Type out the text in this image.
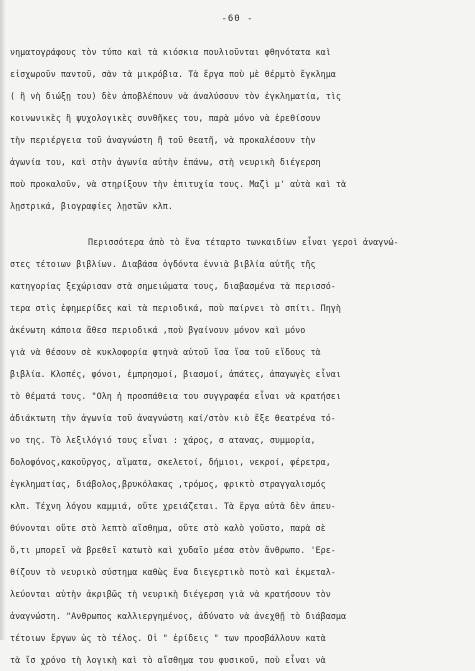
-60 -
νηματογράφους τὸν τύπο καὶ τὰ κιόσκια πουλιοῦνται φθηνότατα καὶ
εἰσχωροῦν παντοῦ, σὰν τὰ μικρόβια. Τὰ ἔργα ποὺ μὲ θέρμτὸ ἔγκλημα
( ἢ νὴ διώξῃ του) δὲν ἀποβλέπουν νὰ ἀναλύσουν τὸν ἐγκληματία, τὶς
κοινωνικὲς ἢ ψυχολογικὲς συνθῆκες του, παρὰ μόνο νὰ ἐρεθίσουν
τὴν περιέργεια τοῦ ἀναγνώστη ἢ τοῦ θεατῆ, νὰ προκαλέσουν τὴν
ἀγωνία του, καὶ στὴν ἀγωνία αὐτὴν ἐπάνω, στὴ νευρικὴ διέγερση
ποὺ προκαλοῦν, νὰ στηρίξουν τὴν ἐπιτυχία τους. Μαζὶ μ' αὐτὰ καὶ τὰ
λῃστρικά, βιογραφίες λῃστῶν κλπ.
Περισσότερα ἀπὸ τὸ ἕνα τέταρτο τωνκαιδίων εἶναι γεροὶ ἀναγνώ-
στες τέτοιων βιβλίων. Διαβάσα ὀγδόντα ἐννιὰ βιβλία αὐτῆς τῆς
κατηγορίας ξεχώρισαν στὰ σημειώματα τους, διαβασμένα τὰ περισσό-
τερα στὶς ἐφημερίδες καὶ τὰ περιοδικά, ποὺ παίρνει τὸ σπίτι. Πηγὴ
ἀκένωτη κάποια ἄθεσ περιοδικά ,ποὺ βγαίνουν μόνον καὶ μόνο
γιὰ νὰ θέσουν σὲ κυκλοφορία φτηνὰ αὐτοῦ ἴσα ἴσα τοῦ εἴδους τὰ
βιβλία. Κλοπές, φόνοι, ἐμπρησμοί, βιασμοί, ἀπάτες, ἀπαγωγὲς εἶναι
τὸ θέματά τους. "Ολη ἡ προσπάθεια του συγγραφέα εἶναι νὰ κρατήσει
ἀδιάκτωτη τὴν ἀγωνία τοῦ ἀναγνώστη καί/στὸν κιὸ ἔξε θεατρένα τό-
νο της. Τὸ λεξιλόγιό τους εἶναι : χάρος, σ ατανας, συμμορία,
δολοφόνος,κακοῦργος, αἵματα, σκελετοί, δήμιοι, νεκροί, φέρετρα,
ἐγκληματίας, διάβολος,βρυκόλακας ,τρόμος, φρικτὸ στραγγαλισμός
κλπ. Τέχνη λόγου καμμιά, οὔτε χρειάζεται. Τὰ ἔργα αὐτὰ δὲν ἀπευ-
θύνονται οὔτε στὸ λεπτὸ αἴσθημα, οὔτε στὸ καλὸ γοῦστο, παρὰ σὲ
ὅ,τι μπορεῖ νὰ βρεθεῖ κατωτὸ καὶ χυδαῖο μέσα στὸν ἄνθρωπο. 'Ερε-
θίζουν τὸ νευρικὸ σύστημα καθὼς ἕνα διεγερτικὸ ποτὸ καὶ ἐκμεταλ-
λεύονται αὐτὴν ἀκριβῶς τὴ νευρικὴ διέγερση γιὰ νὰ κρατήσουν τὸν
ἀναγνώστη. "Ανθρωπος καλλιεργημένος, ἀδύνατο νὰ ἀνεχθῇ τὸ διάβασμα
τέτοιων ἔργων ὡς τὸ τέλος. Οἱ " ἐρίδεις " των προσβάλλουν κατὰ
τὰ ἴσ χρόνο τὴ λογικὴ καὶ τὸ αἴσθημα του φυσικοῦ, ποὺ εἶναι νὰ
